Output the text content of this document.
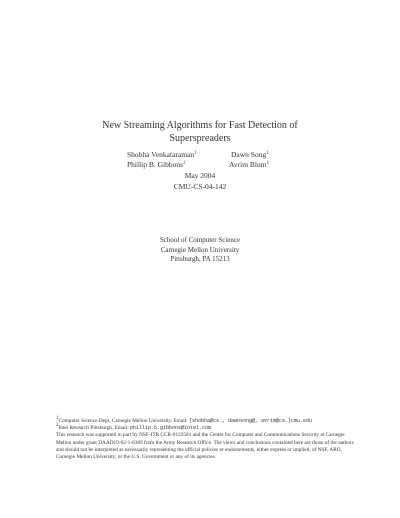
New Streaming Algorithms for Fast Detection of
Superspreaders
Shobha Venkataraman$^1$	Dawn Song$^1$
Phillip B. Gibbons$^2$	Avrim Blum$^1$
May 2004
CMU-CS-04-142
School of Computer Science
Carnegie Mellon University
Pittsburgh, PA 15213
$^1$Computer Science Dept, Carnegie Mellon University. Email: {shobha@cs., dawnsong@, avrim@cs.}cmu.edu
$^2$Intel Research Pittsburgh. Email: phillip.b.gibbons@intel.com
This research was supported in part by NSF-ITR CCR-0122581 and the Center for Computer and Communications Security at Carnegie Mellon under grant DAAD19-02-1-0389 from the Army Research Office. The views and conclusions contained here are those of the authors and should not be interpreted as necessarily representing the official policies or endorsements, either express or implied, of NSF, ARO, Carnegie Mellon University, or the U.S. Government or any of its agencies.
